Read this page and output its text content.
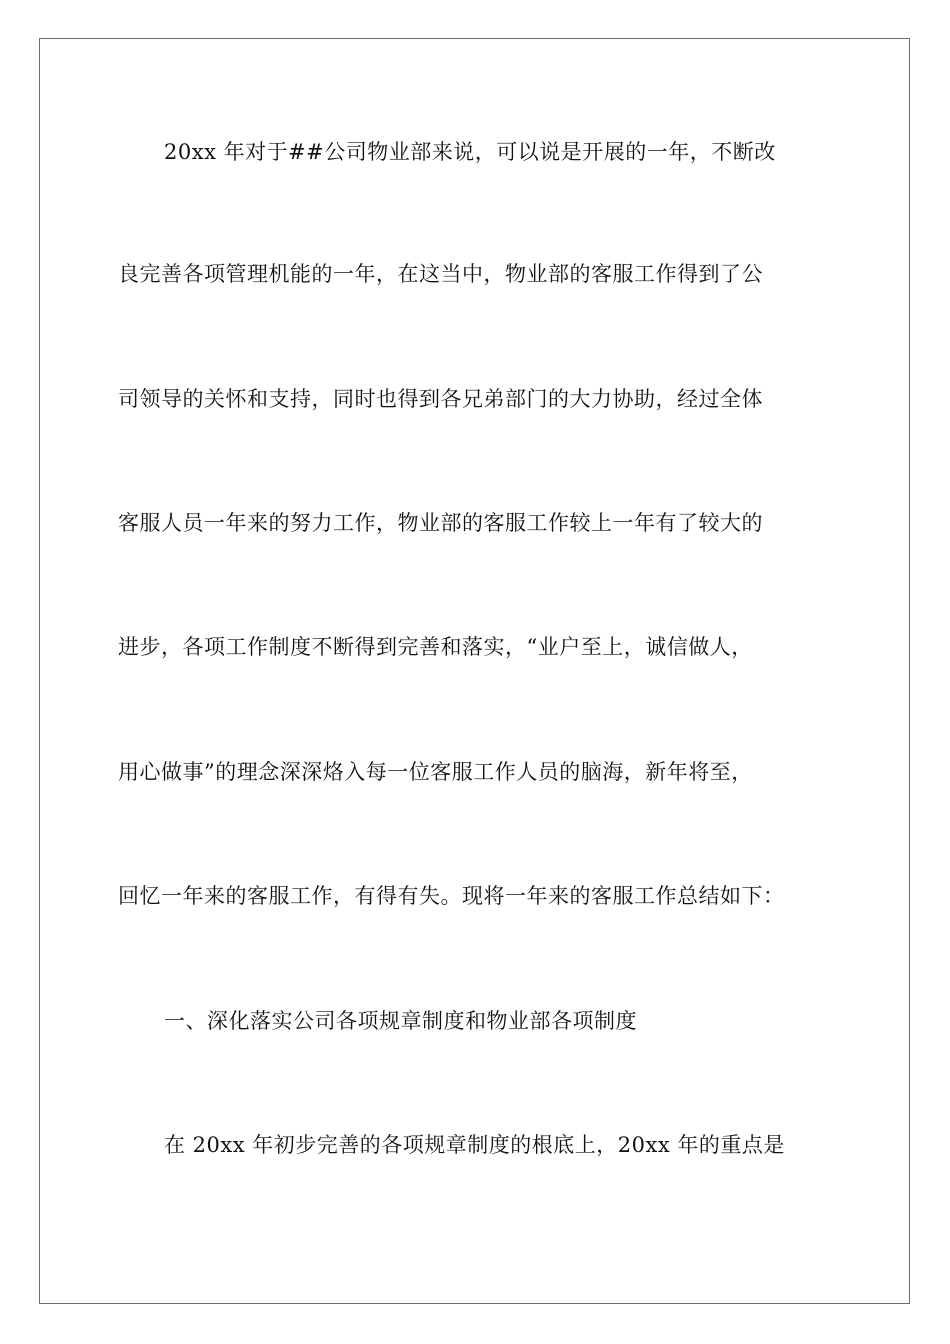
20xx 年对于##公司物业部来说，可以说是开展的一年，不断改
良完善各项管理机能的一年，在这当中，物业部的客服工作得到了公
司领导的关怀和支持，同时也得到各兄弟部门的大力协助，经过全体
客服人员一年来的努力工作，物业部的客服工作较上一年有了较大的
进步，各项工作制度不断得到完善和落实，“业户至上，诚信做人，
用心做事”的理念深深烙入每一位客服工作人员的脑海，新年将至，
回忆一年来的客服工作，有得有失。现将一年来的客服工作总结如下：
一、深化落实公司各项规章制度和物业部各项制度
在 20xx 年初步完善的各项规章制度的根底上，20xx 年的重点是
